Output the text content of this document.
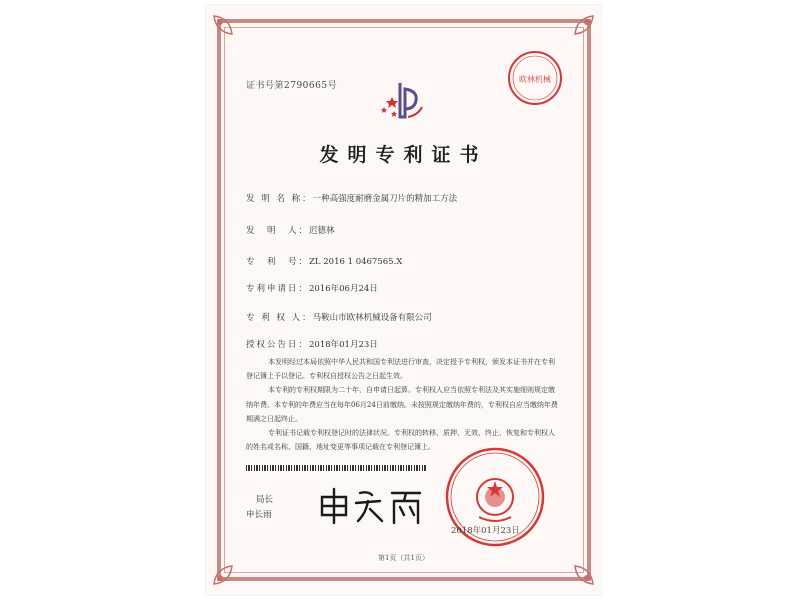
证书号第2790665号
欧林机械
发明专利证书
发 明 名 称：一种高强度耐磨金属刀片的精加工方法
发　明　人：迟德林
专　利　号：ZL 2016 1 0467565.X
专利申请日：2016年06月24日
专 利 权 人：马鞍山市欧林机械设备有限公司
授权公告日：2018年01月23日

本发明经过本局依照中华人民共和国专利法进行审查，决定授予专利权，颁发本证书并在专利登记簿上予以登记。专利权自授权公告之日起生效。

本专利的专利权期限为二十年，自申请日起算。专利权人应当依照专利法及其实施细则规定缴纳年费。本专利的年费应当在每年06月24日前缴纳。未按照规定缴纳年费的，专利权自应当缴纳年费期满之日起终止。

专利证书记载专利权登记时的法律状况。专利权的转移、质押、无效、终止、恢复和专利权人的姓名或名称、国籍、地址变更等事项记载在专利登记簿上。

局长
申长雨
2018年01月23日
第1页（共1页）
